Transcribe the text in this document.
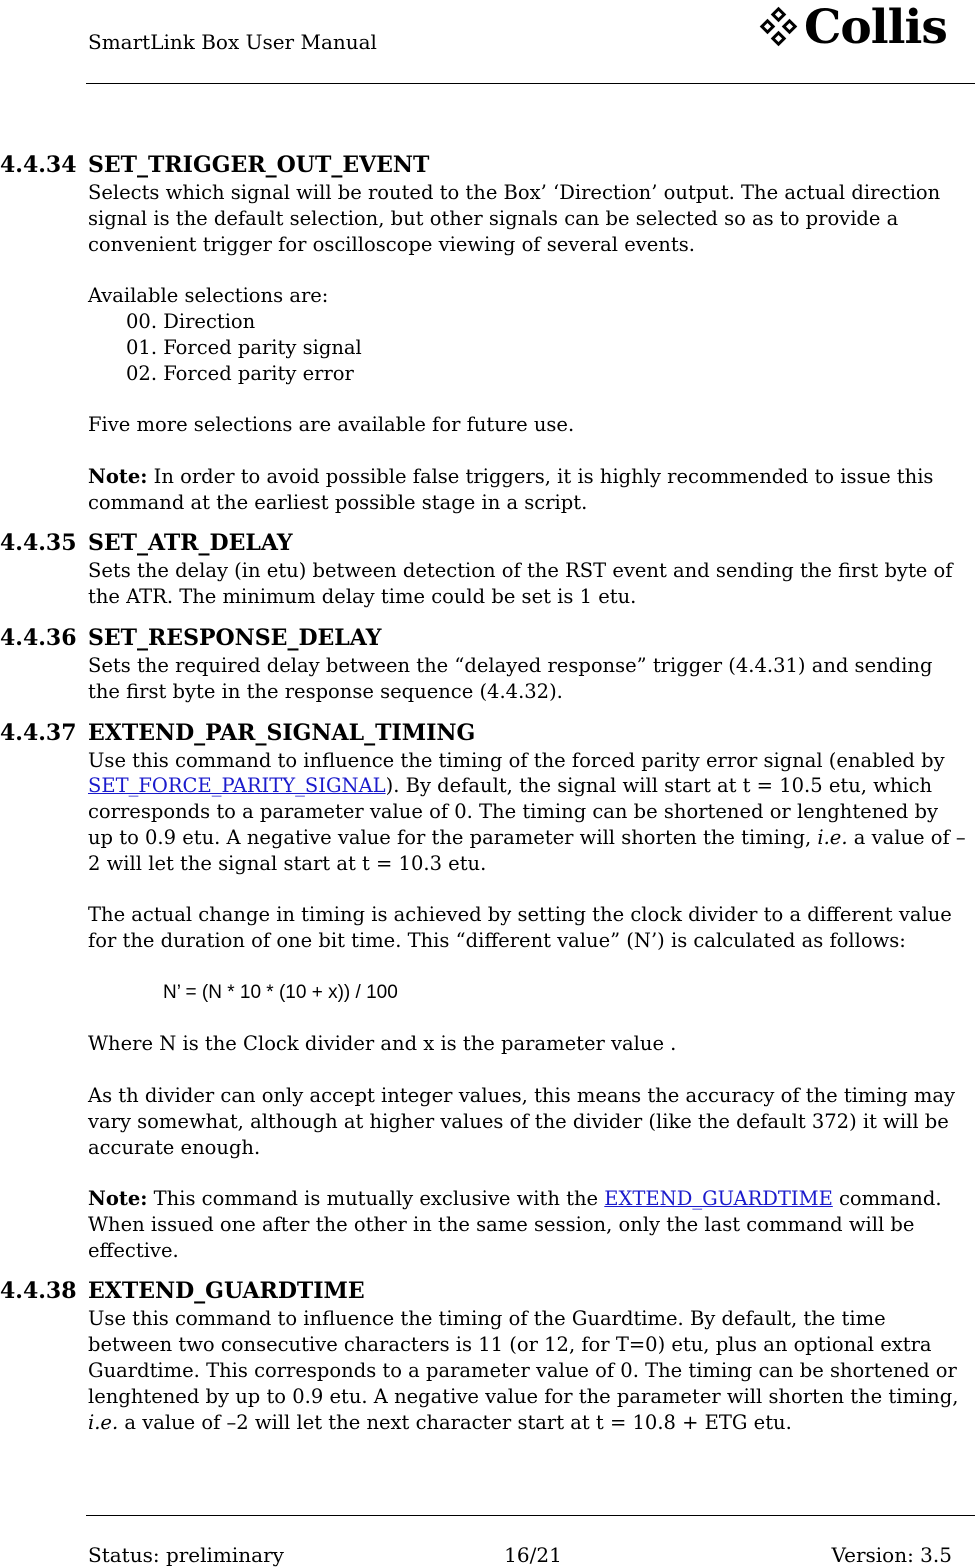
SmartLink Box User Manual	Collis
4.4.34 SET_TRIGGER_OUT_EVENT

Selects which signal will be routed to the Box’ ‘Direction’ output. The actual direction signal is the default selection, but other signals can be selected so as to provide a convenient trigger for oscilloscope viewing of several events.

Available selections are:

00. Direction
01. Forced parity signal
02. Forced parity error

Five more selections are available for future use.

Note: In order to avoid possible false triggers, it is highly recommended to issue this command at the earliest possible stage in a script.

4.4.35 SET_ATR_DELAY

Sets the delay (in etu) between detection of the RST event and sending the first byte of the ATR. The minimum delay time could be set is 1 etu.

4.4.36 SET_RESPONSE_DELAY

Sets the required delay between the “delayed response” trigger (4.4.31) and sending the first byte in the response sequence (4.4.32).

4.4.37 EXTEND_PAR_SIGNAL_TIMING

Use this command to influence the timing of the forced parity error signal (enabled by SET_FORCE_PARITY_SIGNAL). By default, the signal will start at t = 10.5 etu, which corresponds to a parameter value of 0. The timing can be shortened or lenghtened by up to 0.9 etu. A negative value for the parameter will shorten the timing, i.e. a value of –2 will let the signal start at t = 10.3 etu.

The actual change in timing is achieved by setting the clock divider to a different value for the duration of one bit time. This “different value” (N’) is calculated as follows:

N’ = (N * 10 * (10 + x)) / 100

Where N is the Clock divider and x is the parameter value .

As th divider can only accept integer values, this means the accuracy of the timing may vary somewhat, although at higher values of the divider (like the default 372) it will be accurate enough.

Note: This command is mutually exclusive with the EXTEND_GUARDTIME command. When issued one after the other in the same session, only the last command will be effective.

4.4.38 EXTEND_GUARDTIME

Use this command to influence the timing of the Guardtime. By default, the time between two consecutive characters is 11 (or 12, for T=0) etu, plus an optional extra Guardtime. This corresponds to a parameter value of 0. The timing can be shortened or lenghtened by up to 0.9 etu. A negative value for the parameter will shorten the timing, i.e. a value of –2 will let the next character start at t = 10.8 + ETG etu.

Status: preliminary	16/21	Version: 3.5
